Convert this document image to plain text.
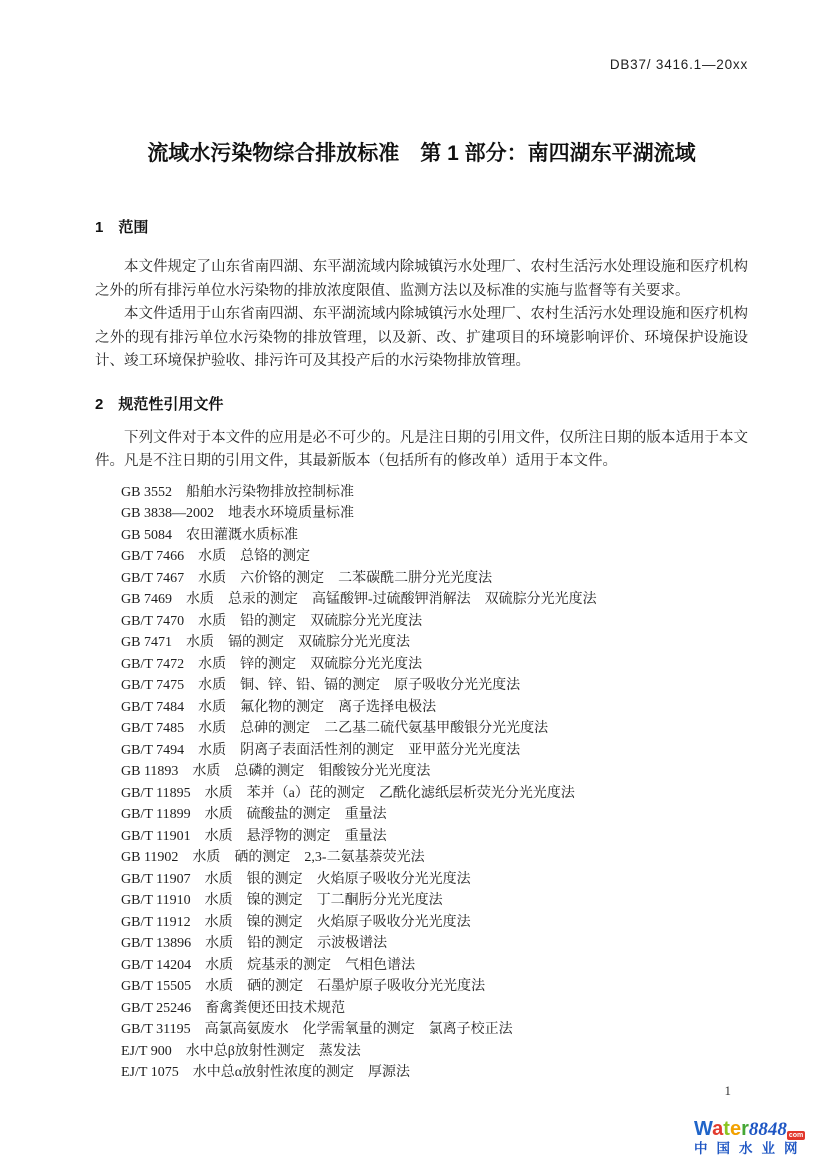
DB37/ 3416.1—20xx
流域水污染物综合排放标准　第 1 部分：南四湖东平湖流域
1　范围

本文件规定了山东省南四湖、东平湖流域内除城镇污水处理厂、农村生活污水处理设施和医疗机构之外的所有排污单位水污染物的排放浓度限值、监测方法以及标准的实施与监督等有关要求。

本文件适用于山东省南四湖、东平湖流域内除城镇污水处理厂、农村生活污水处理设施和医疗机构之外的现有排污单位水污染物的排放管理，以及新、改、扩建项目的环境影响评价、环境保护设施设计、竣工环境保护验收、排污许可及其投产后的水污染物排放管理。

2　规范性引用文件

下列文件对于本文件的应用是必不可少的。凡是注日期的引用文件，仅所注日期的版本适用于本文件。凡是不注日期的引用文件，其最新版本（包括所有的修改单）适用于本文件。

GB 3552　船舶水污染物排放控制标准
GB 3838—2002　地表水环境质量标准
GB 5084　农田灌溉水质标准
GB/T 7466　水质　总铬的测定
GB/T 7467　水质　六价铬的测定　二苯碳酰二肼分光光度法
GB 7469　水质　总汞的测定　高锰酸钾-过硫酸钾消解法　双硫腙分光光度法
GB/T 7470　水质　铅的测定　双硫腙分光光度法
GB 7471　水质　镉的测定　双硫腙分光光度法
GB/T 7472　水质　锌的测定　双硫腙分光光度法
GB/T 7475　水质　铜、锌、铅、镉的测定　原子吸收分光光度法
GB/T 7484　水质　氟化物的测定　离子选择电极法
GB/T 7485　水质　总砷的测定　二乙基二硫代氨基甲酸银分光光度法
GB/T 7494　水质　阴离子表面活性剂的测定　亚甲蓝分光光度法
GB 11893　水质　总磷的测定　钼酸铵分光光度法
GB/T 11895　水质　苯并（a）芘的测定　乙酰化滤纸层析荧光分光光度法
GB/T 11899　水质　硫酸盐的测定　重量法
GB/T 11901　水质　悬浮物的测定　重量法
GB 11902　水质　硒的测定　2,3-二氨基萘荧光法
GB/T 11907　水质　银的测定　火焰原子吸收分光光度法
GB/T 11910　水质　镍的测定　丁二酮肟分光光度法
GB/T 11912　水质　镍的测定　火焰原子吸收分光光度法
GB/T 13896　水质　铅的测定　示波极谱法
GB/T 14204　水质　烷基汞的测定　气相色谱法
GB/T 15505　水质　硒的测定　石墨炉原子吸收分光光度法
GB/T 25246　畜禽粪便还田技术规范
GB/T 31195　高氯高氨废水　化学需氧量的测定　氯离子校正法
EJ/T 900　水中总β放射性测定　蒸发法
EJ/T 1075　水中总α放射性浓度的测定　厚源法
1
Water8848 com
中国水业网
